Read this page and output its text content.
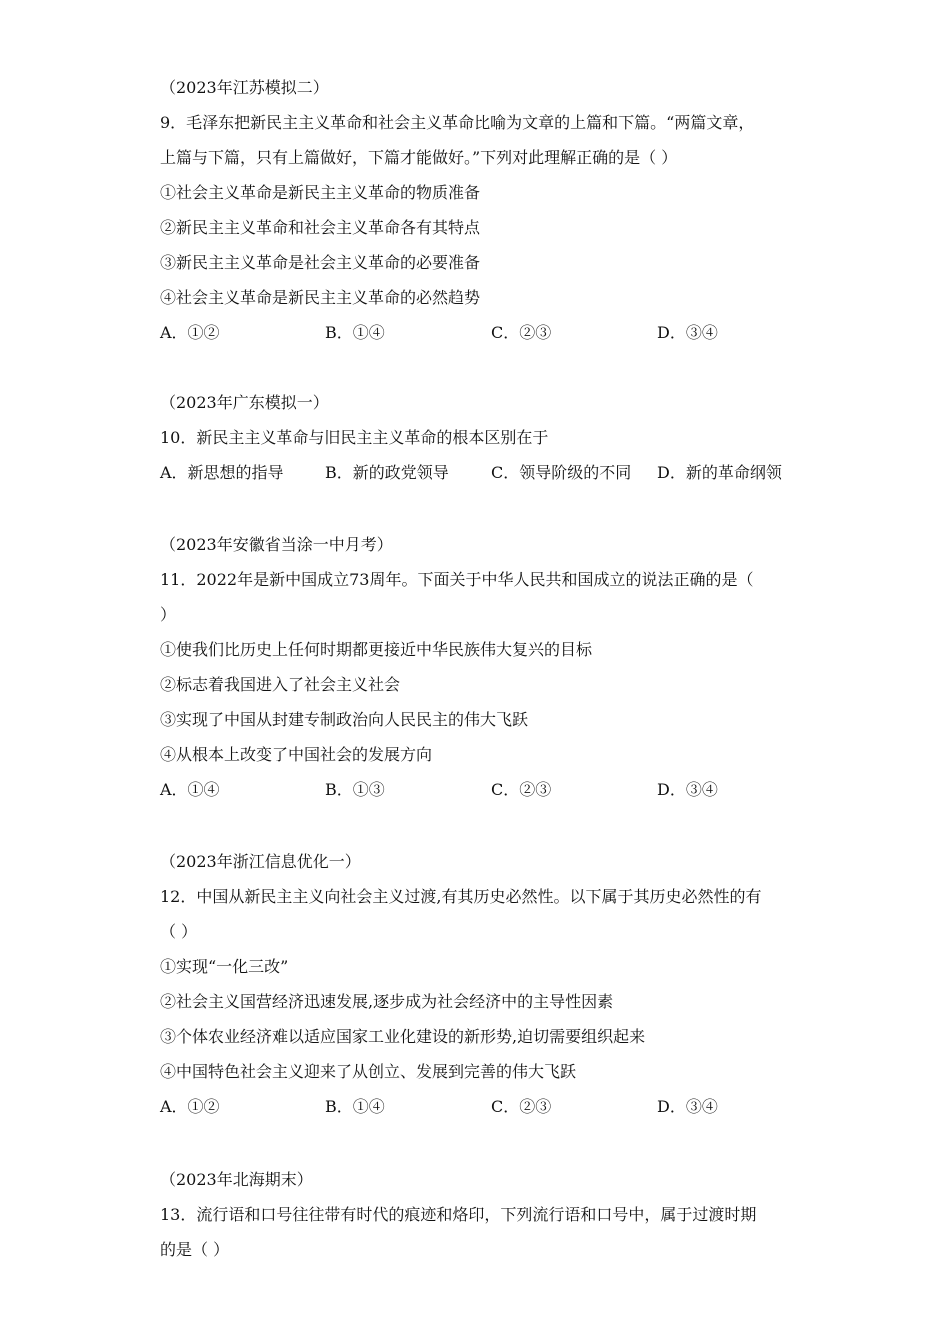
（2023年江苏模拟二）
9．毛泽东把新民主主义革命和社会主义革命比喻为文章的上篇和下篇。“两篇文章，
上篇与下篇，只有上篇做好，下篇才能做好。”下列对此理解正确的是（ ）
①社会主义革命是新民主主义革命的物质准备
②新民主主义革命和社会主义革命各有其特点
③新民主主义革命是社会主义革命的必要准备
④社会主义革命是新民主主义革命的必然趋势
A．①②	B．①④	C．②③	D．③④
（2023年广东模拟一）
10．新民主主义革命与旧民主主义革命的根本区别在于
A．新思想的指导	B．新的政党领导	C．领导阶级的不同 D．新的革命纲领
（2023年安徽省当涂一中月考）
11．2022年是新中国成立73周年。下面关于中华人民共和国成立的说法正确的是（
）
①使我们比历史上任何时期都更接近中华民族伟大复兴的目标
②标志着我国进入了社会主义社会
③实现了中国从封建专制政治向人民民主的伟大飞跃
④从根本上改变了中国社会的发展方向
A．①④	B．①③	C．②③	D．③④
（2023年浙江信息优化一）
12．中国从新民主主义向社会主义过渡,有其历史必然性。以下属于其历史必然性的有
（ ）
①实现“一化三改”
②社会主义国营经济迅速发展,逐步成为社会经济中的主导性因素
③个体农业经济难以适应国家工业化建设的新形势,迫切需要组织起来
④中国特色社会主义迎来了从创立、发展到完善的伟大飞跃
A．①②	B．①④	C．②③	D．③④
（2023年北海期末）
13．流行语和口号往往带有时代的痕迹和烙印，下列流行语和口号中，属于过渡时期
的是（ ）
